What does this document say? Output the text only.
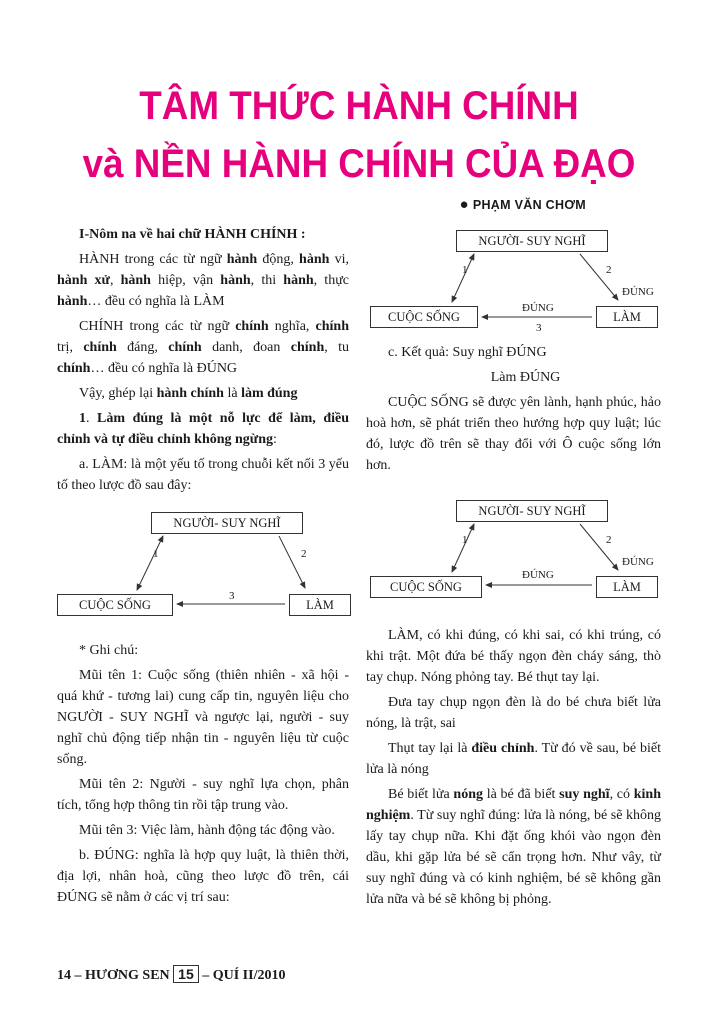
TÂM THỨC HÀNH CHÍNH
và NỀN HÀNH CHÍNH CỦA ĐẠO
● PHẠM VĂN CHƠM

I-Nôm na về hai chữ HÀNH CHÍNH :

HÀNH trong các từ ngữ hành động, hành vi, hành xử, hành hiệp, vận hành, thi hành, thực hành… đều có nghĩa là LÀM

CHÍNH trong các từ ngữ chính nghĩa, chính trị, chính đáng, chính danh, đoan chính, tu chính… đều có nghĩa là ĐÚNG

Vậy, ghép lại hành chính là làm đúng

1. Làm đúng là một nỗ lực để làm, điều chỉnh và tự điều chỉnh không ngừng:

a. LÀM: là một yếu tố trong chuỗi kết nối 3 yếu tố theo lược đồ sau đây:

NGƯỜI- SUY NGHĨ
CUỘC SỐNG	LÀM
1	2
3

* Ghi chú:

Mũi tên 1: Cuộc sống (thiên nhiên - xã hội - quá khứ - tương lai) cung cấp tin, nguyên liệu cho NGƯỜI - SUY NGHĨ và ngược lại, người - suy nghĩ chủ động tiếp nhận tin - nguyên liệu từ cuộc sống.

Mũi tên 2: Người - suy nghĩ lựa chọn, phân tích, tổng hợp thông tin rồi tập trung vào.

Mũi tên 3: Việc làm, hành động tác động vào.

b. ĐÚNG: nghĩa là hợp quy luật, là thiên thời, địa lợi, nhân hoà, cũng theo lược đồ trên, cái ĐÚNG sẽ nằm ở các vị trí sau:

NGƯỜI- SUY NGHĨ
CUỘC SỐNG	LÀM
1	2
ĐÚNG
ĐÚNG
3

c. Kết quả: Suy nghĩ ĐÚNG

Làm ĐÚNG

CUỘC SỐNG sẽ được yên lành, hạnh phúc, hảo hoà hơn, sẽ phát triển theo hướng hợp quy luật; lúc đó, lược đồ trên sẽ thay đổi với Ô cuộc sống lớn hơn.

NGƯỜI- SUY NGHĨ
CUỘC SỐNG	LÀM
1	2
ĐÚNG
ĐÚNG

LÀM, có khi đúng, có khi sai, có khi trúng, có khi trật. Một đứa bé thấy ngọn đèn cháy sáng, thò tay chụp. Nóng phỏng tay. Bé thụt tay lại.

Đưa tay chụp ngọn đèn là do bé chưa biết lửa nóng, là trật, sai

Thụt tay lại là điều chỉnh. Từ đó về sau, bé biết lửa là nóng

Bé biết lửa nóng là bé đã biết suy nghĩ, có kinh nghiệm. Từ suy nghĩ đúng: lửa là nóng, bé sẽ không lấy tay chụp nữa. Khi đặt ống khói vào ngọn đèn dầu, khi gặp lửa bé sẽ cẩn trọng hơn. Như vây, từ suy nghĩ đúng và có kinh nghiệm, bé sẽ không gần lửa nữa và bé sẽ không bị phỏng.

14 – HƯƠNG SEN 15 – QUÍ II/2010
